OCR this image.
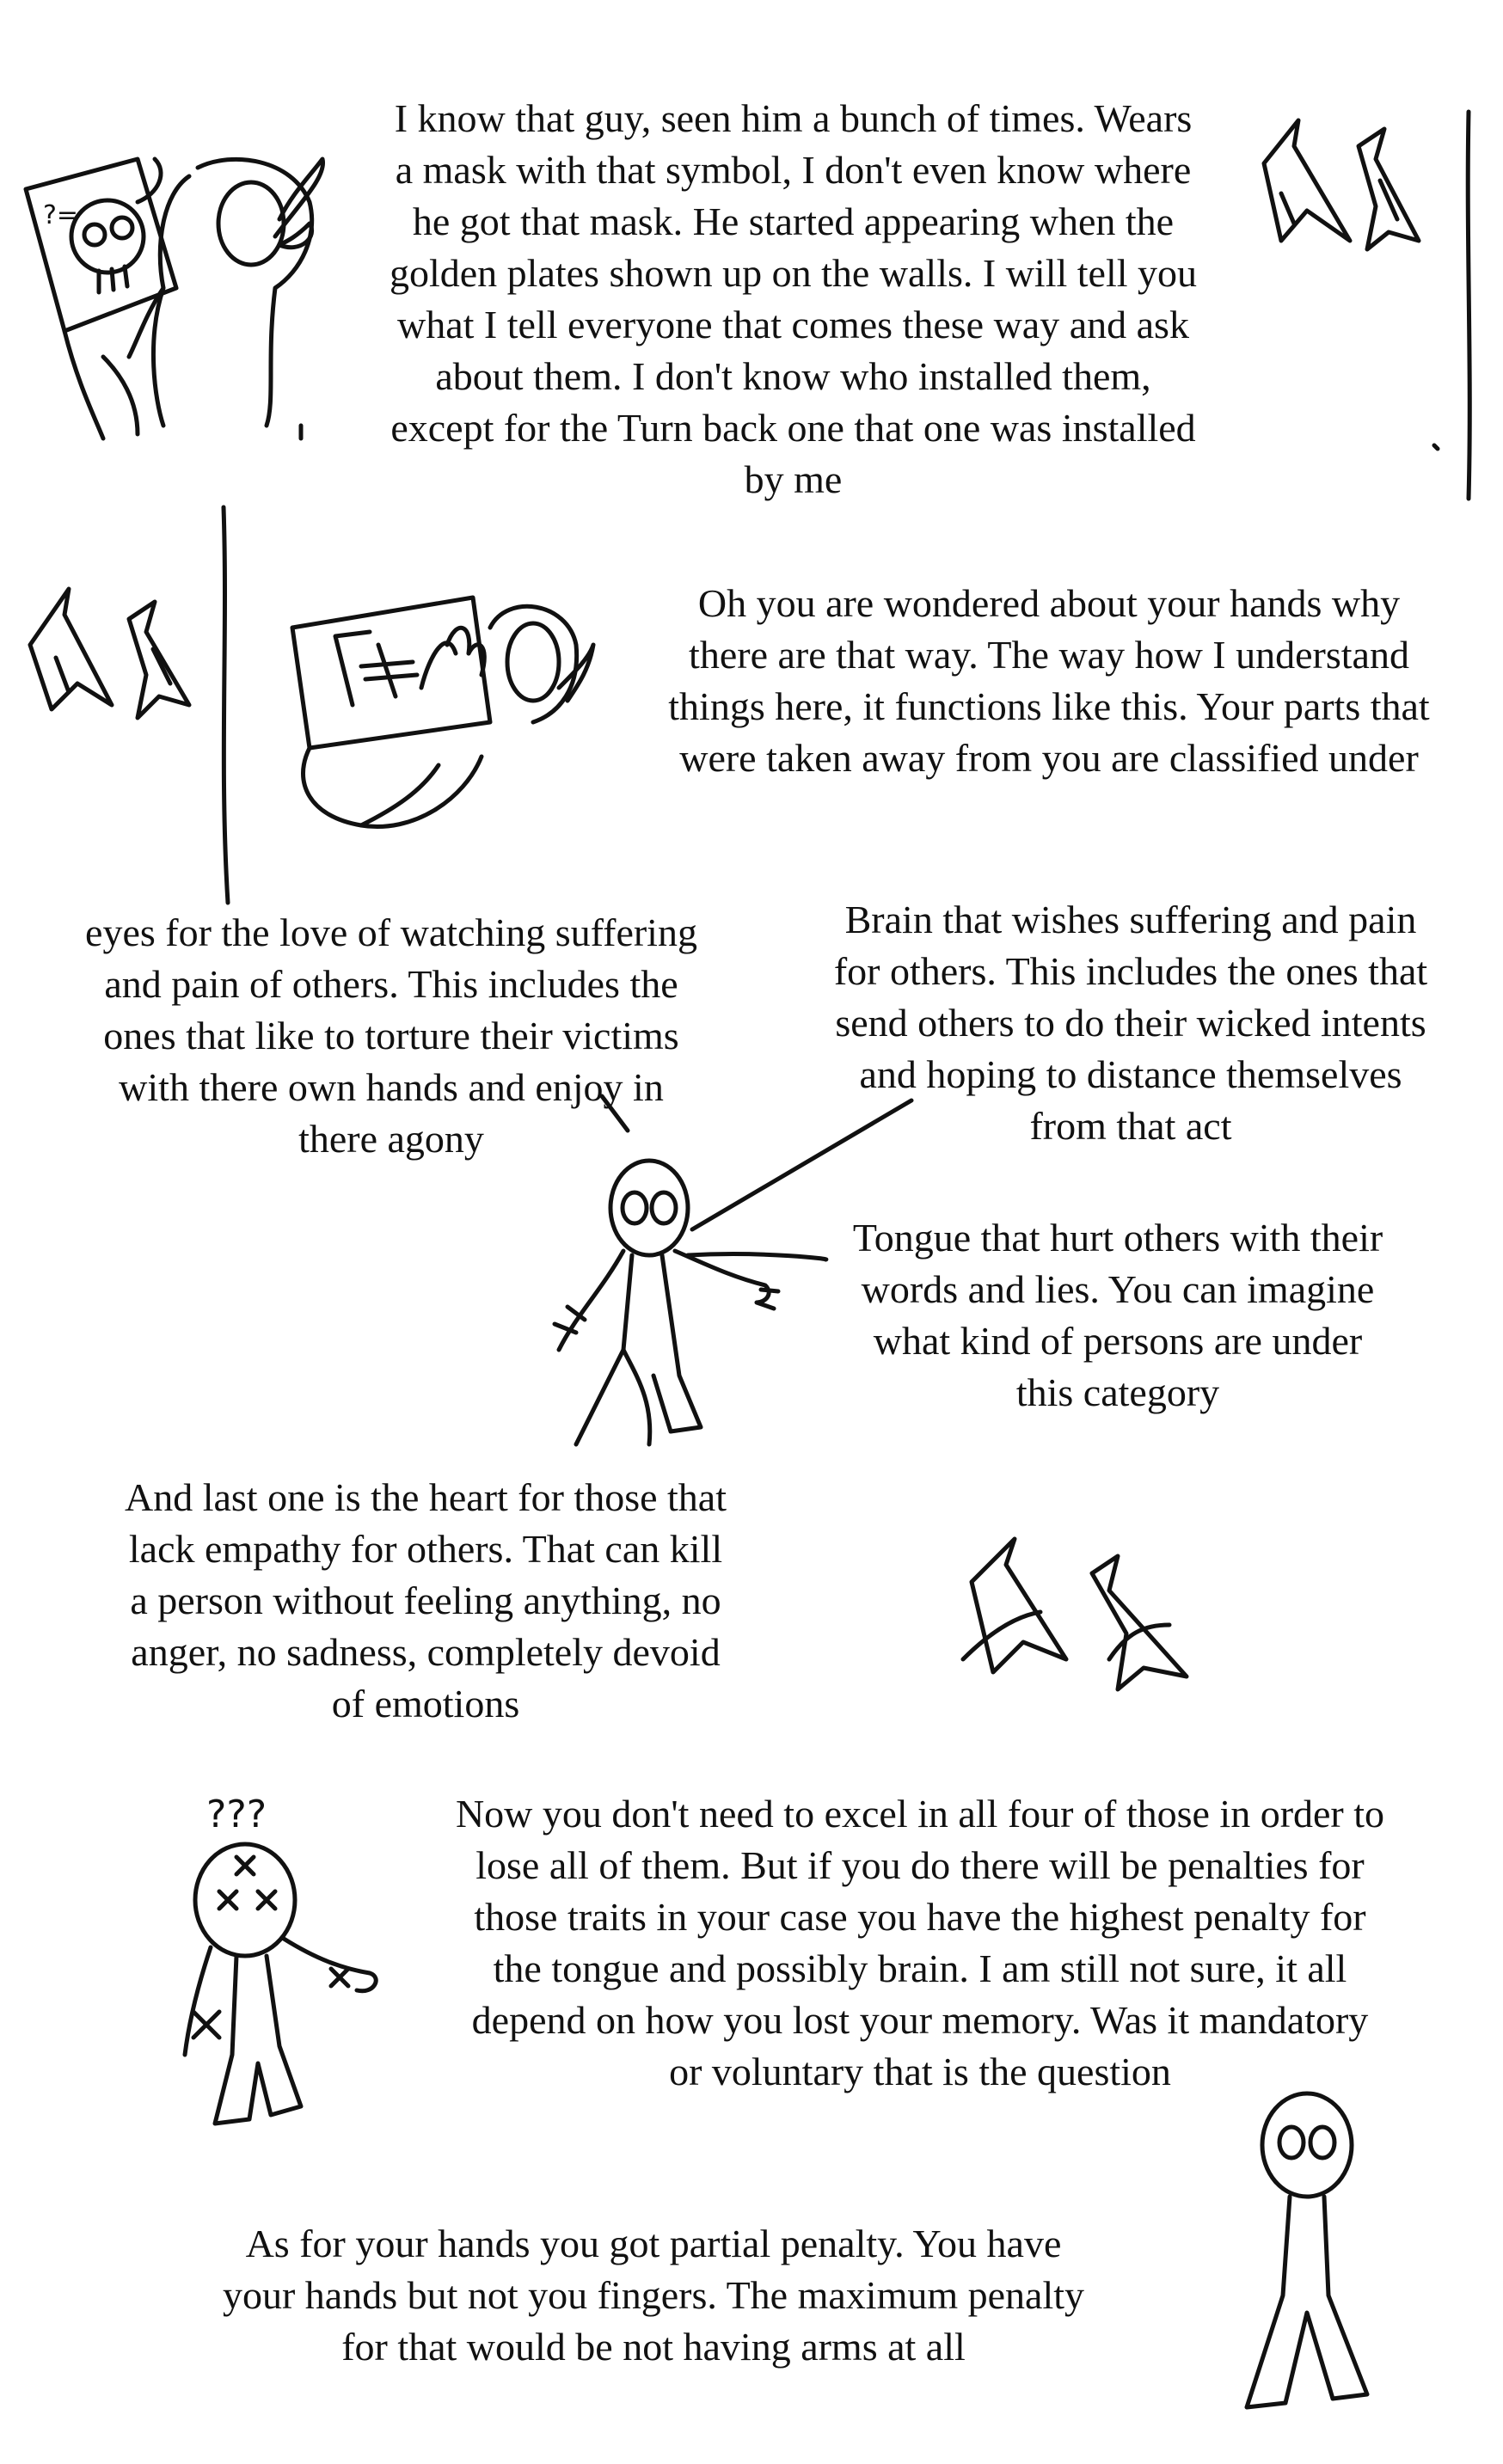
I know that guy, seen him a bunch of times. Wears
a mask with that symbol, I don't even know where
he got that mask. He started appearing when the
golden plates shown up on the walls. I will tell you
what I tell everyone that comes these way and ask
about them. I don't know who installed them,
except for the Turn back one that one was installed
by me
?=
Oh you are wondered about your hands why
there are that way. The way how I understand
things here, it functions like this. Your parts that
were taken away from you are classified under
eyes for the love of watching suffering
and pain of others. This includes the
ones that like to torture their victims
with there own hands and enjoy in
there agony
Brain that wishes suffering and pain
for others. This includes the ones that
send others to do their wicked intents
and hoping to distance themselves
from that act
Tongue that hurt others with their
words and lies. You can imagine
what kind of persons are under
this category
And last one is the heart for those that
lack empathy for others. That can kill
a person without feeling anything, no
anger, no sadness, completely devoid
of emotions
???	Now you don't need to excel in all four of those in order to
lose all of them. But if you do there will be penalties for
those traits in your case you have the highest penalty for
the tongue and possibly brain. I am still not sure, it all
depend on how you lost your memory. Was it mandatory
or voluntary that is the question
As for your hands you got partial penalty. You have
your hands but not you fingers. The maximum penalty
for that would be not having arms at all
